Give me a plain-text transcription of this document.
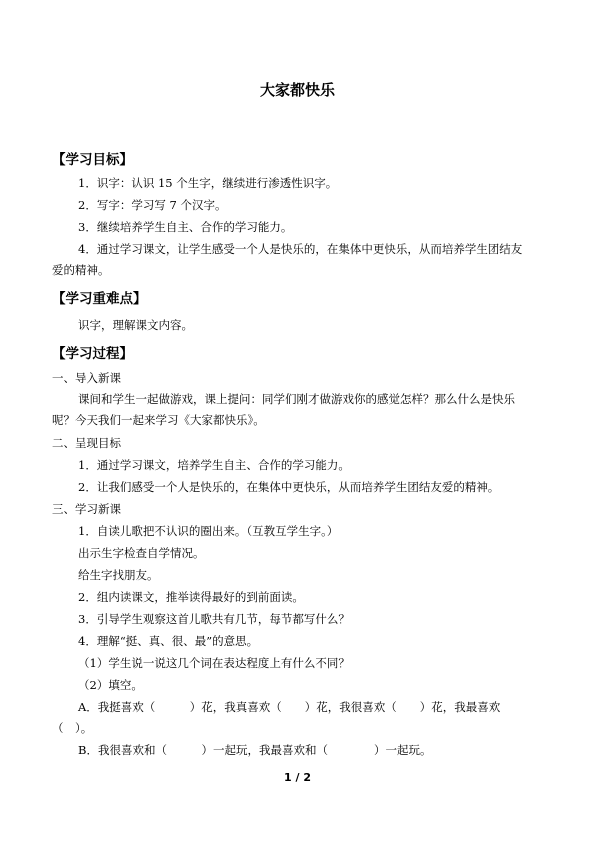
大家都快乐
【学习目标】
1．识字：认识 15 个生字，继续进行渗透性识字。
2．写字：学习写 7 个汉字。
3．继续培养学生自主、合作的学习能力。
4．通过学习课文，让学生感受一个人是快乐的，在集体中更快乐，从而培养学生团结友
爱的精神。
【学习重难点】
识字，理解课文内容。
【学习过程】
一、导入新课
课间和学生一起做游戏，课上提问：同学们刚才做游戏你的感觉怎样？那么什么是快乐
呢？今天我们一起来学习《大家都快乐》。
二、呈现目标
1．通过学习课文，培养学生自主、合作的学习能力。
2．让我们感受一个人是快乐的，在集体中更快乐，从而培养学生团结友爱的精神。
三、学习新课
1．自读儿歌把不认识的圈出来。（互教互学生字。）
出示生字检查自学情况。
给生字找朋友。
2．组内读课文，推举读得最好的到前面读。
3．引导学生观察这首儿歌共有几节，每节都写什么？
4．理解“挺、真、很、最”的意思。
（1）学生说一说这几个词在表达程度上有什么不同？
（2）填空。
A．我挺喜欢（　　　）花，我真喜欢（　　）花，我很喜欢（　　）花，我最喜欢
（　）。
B．我很喜欢和（　　　）一起玩，我最喜欢和（　　　　）一起玩。
1 / 2
